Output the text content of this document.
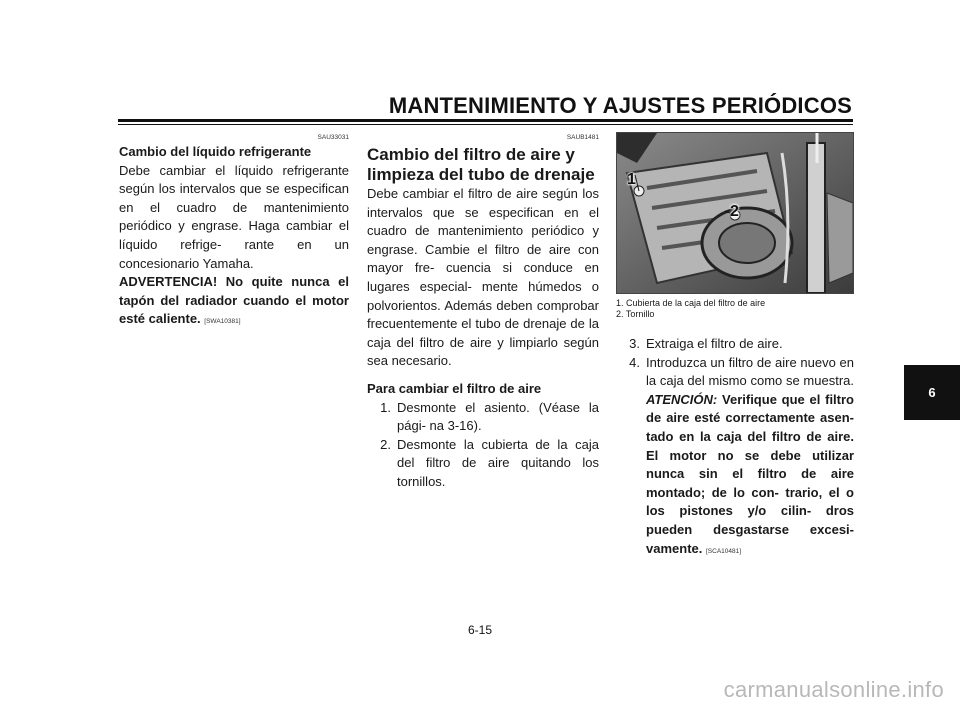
MANTENIMIENTO Y AJUSTES PERIÓDICOS
6
SAU33031
Cambio del líquido refrigerante
Debe cambiar el líquido refrigerante según los intervalos que se especifican en el cuadro de mantenimiento periódico y engrase. Haga cambiar el líquido refrige- rante en un concesionario Yamaha.
ADVERTENCIA! No quite nunca el tapón del radiador cuando el motor esté caliente. [SWA10381]
SAUB1481
Cambio del filtro de aire y limpieza del tubo de drenaje
Debe cambiar el filtro de aire según los intervalos que se especifican en el cuadro de mantenimiento periódico y engrase. Cambie el filtro de aire con mayor fre- cuencia si conduce en lugares especial- mente húmedos o polvorientos. Además deben comprobar frecuentemente el tubo de drenaje de la caja del filtro de aire y limpiarlo según sea necesario.
Para cambiar el filtro de aire
1. Desmonte el asiento. (Véase la pági- na 3-16).
2. Desmonte la cubierta de la caja del filtro de aire quitando los tornillos.
1
2
1. Cubierta de la caja del filtro de aire
2. Tornillo
3. Extraiga el filtro de aire.
4. Introduzca un filtro de aire nuevo en la caja del mismo como se muestra. ATENCIÓN: Verifique que el filtro de aire esté correctamente asen- tado en la caja del filtro de aire. El motor no se debe utilizar nunca sin el filtro de aire montado; de lo con- trario, el o los pistones y/o cilin- dros pueden desgastarse excesi- vamente. [SCA10481]
6-15
carmanualsonline.info
